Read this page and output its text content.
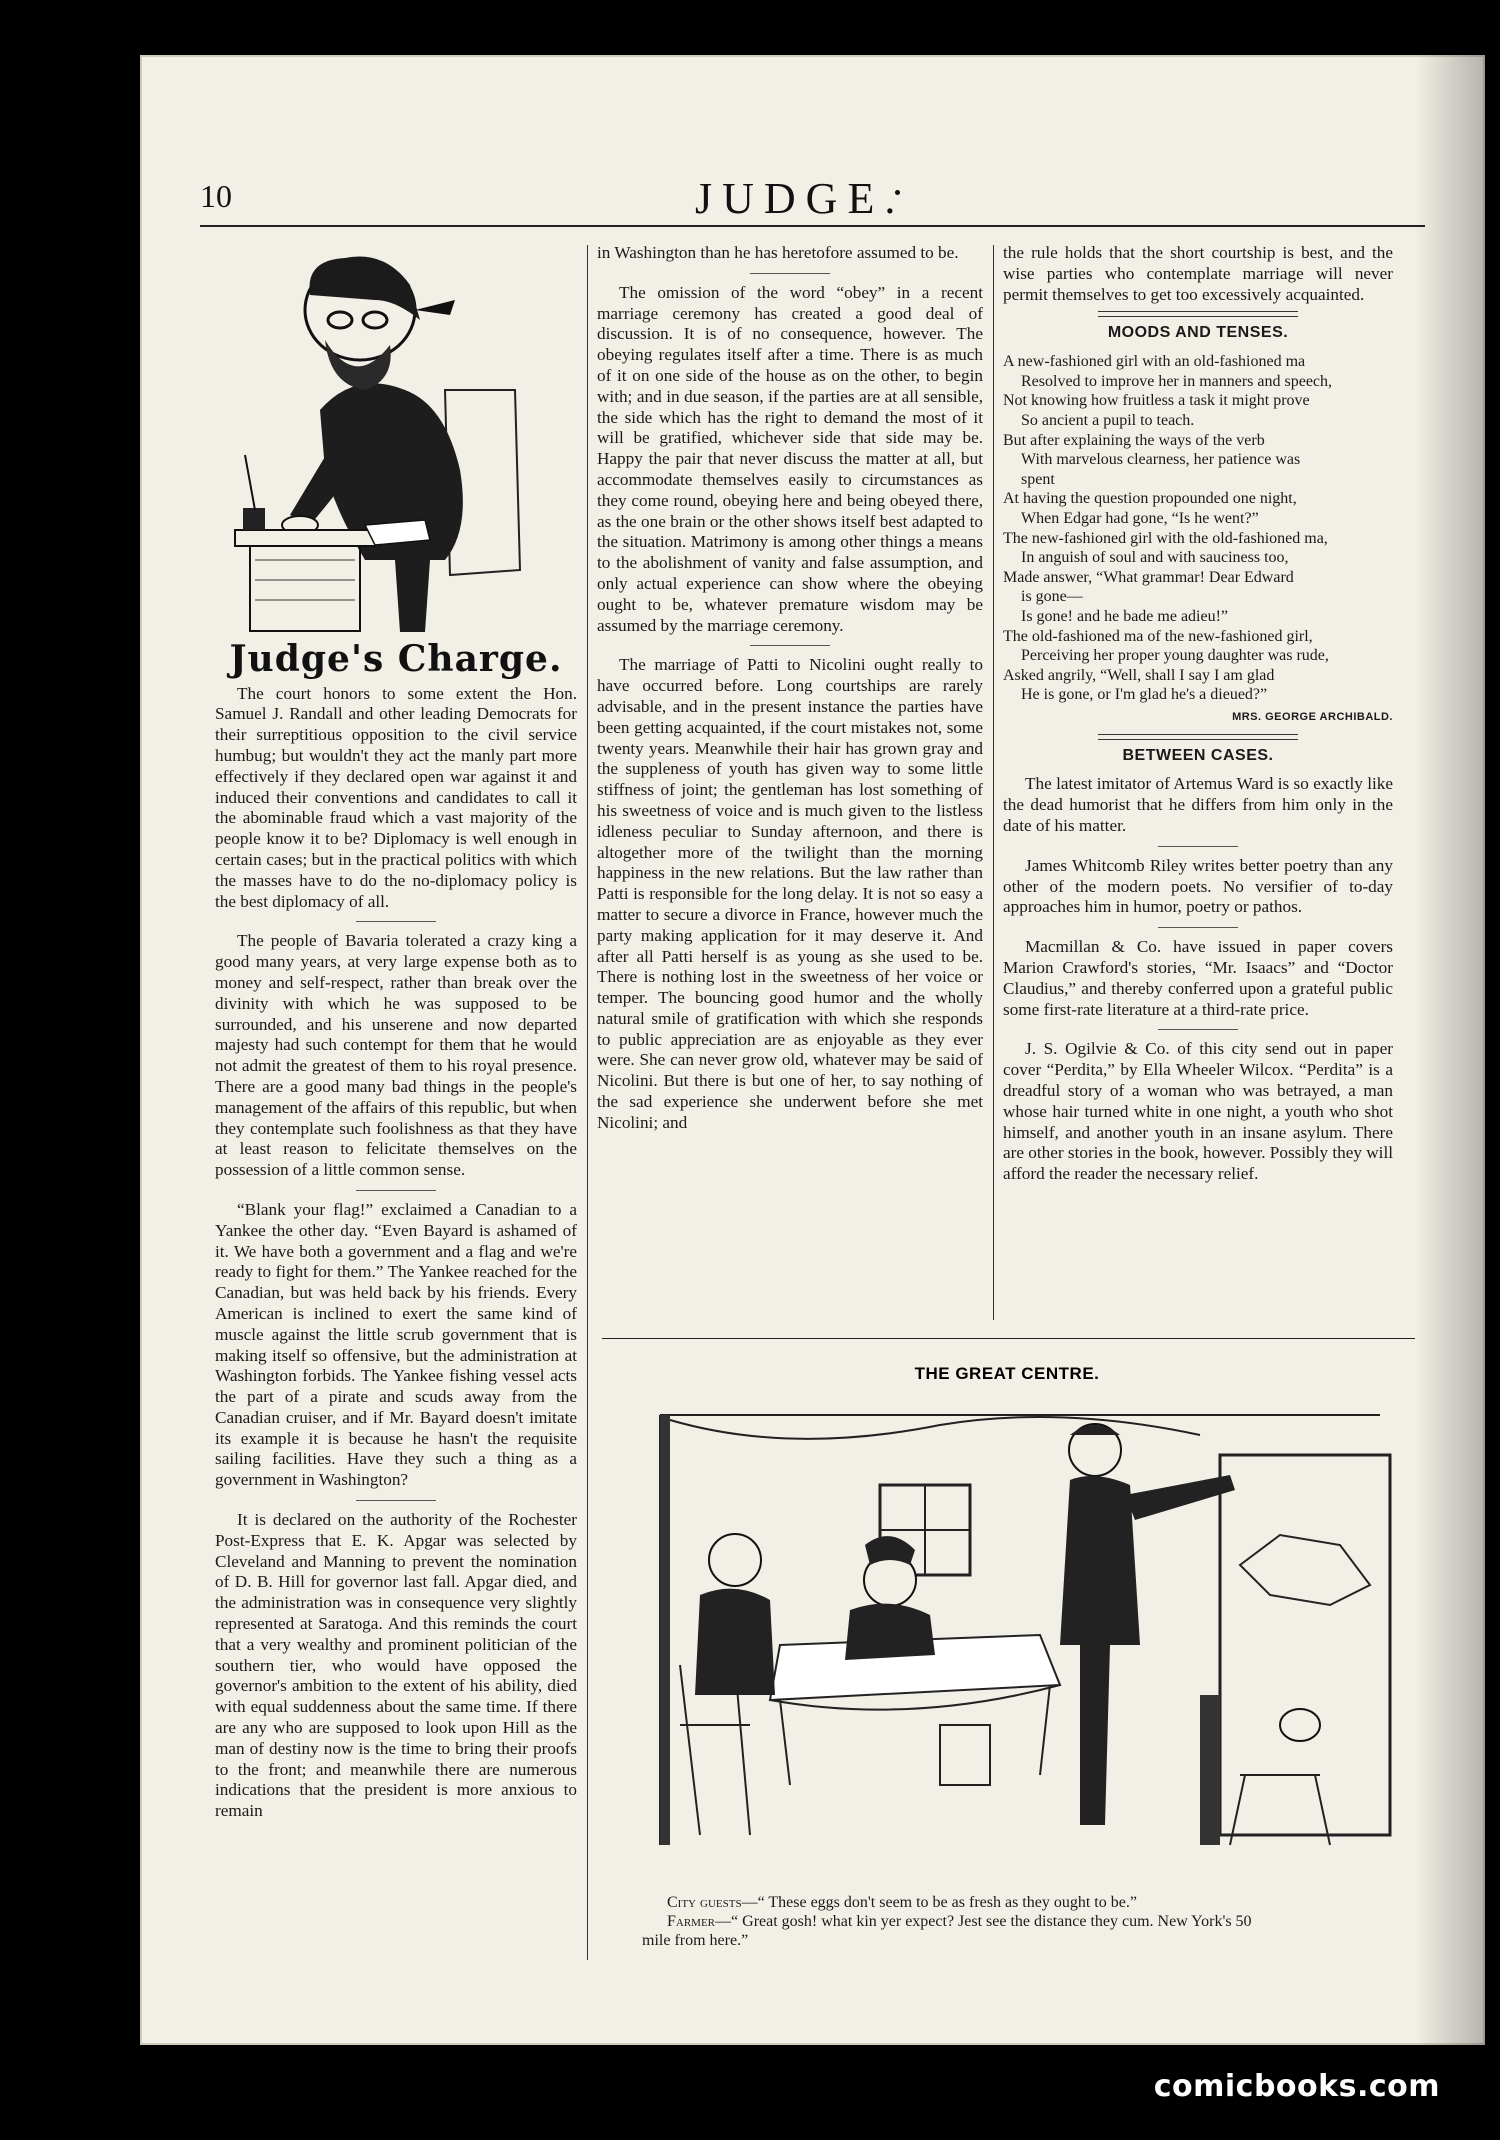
10	JUDGE.
Judge's Charge.

The court honors to some extent the Hon. Samuel J. Randall and other leading Democrats for their surreptitious opposition to the civil service humbug; but wouldn't they act the manly part more effectively if they declared open war against it and induced their conventions and candidates to call it the abominable fraud which a vast majority of the people know it to be? Diplomacy is well enough in certain cases; but in the practical politics with which the masses have to do the no-diplomacy policy is the best diplomacy of all.

The people of Bavaria tolerated a crazy king a good many years, at very large expense both as to money and self-respect, rather than break over the divinity with which he was supposed to be surrounded, and his unserene and now departed majesty had such contempt for them that he would not admit the greatest of them to his royal presence. There are a good many bad things in the people's management of the affairs of this republic, but when they contemplate such foolishness as that they have at least reason to felicitate themselves on the possession of a little common sense.

“Blank your flag!” exclaimed a Canadian to a Yankee the other day. “Even Bayard is ashamed of it. We have both a government and a flag and we're ready to fight for them.” The Yankee reached for the Canadian, but was held back by his friends. Every American is inclined to exert the same kind of muscle against the little scrub government that is making itself so offensive, but the administration at Washington forbids. The Yankee fishing vessel acts the part of a pirate and scuds away from the Canadian cruiser, and if Mr. Bayard doesn't imitate its example it is because he hasn't the requisite sailing facilities. Have they such a thing as a government in Washington?

It is declared on the authority of the Rochester Post-Express that E. K. Apgar was selected by Cleveland and Manning to prevent the nomination of D. B. Hill for governor last fall. Apgar died, and the administration was in consequence very slightly represented at Saratoga. And this reminds the court that a very wealthy and prominent politician of the southern tier, who would have opposed the governor's ambition to the extent of his ability, died with equal suddenness about the same time. If there are any who are supposed to look upon Hill as the man of destiny now is the time to bring their proofs to the front; and meanwhile there are numerous indications that the president is more anxious to remain

in Washington than he has heretofore assumed to be.

The omission of the word “obey” in a recent marriage ceremony has created a good deal of discussion. It is of no consequence, however. The obeying regulates itself after a time. There is as much of it on one side of the house as on the other, to begin with; and in due season, if the parties are at all sensible, the side which has the right to demand the most of it will be gratified, whichever side that side may be. Happy the pair that never discuss the matter at all, but accommodate themselves easily to circumstances as they come round, obeying here and being obeyed there, as the one brain or the other shows itself best adapted to the situation. Matrimony is among other things a means to the abolishment of vanity and false assumption, and only actual experience can show where the obeying ought to be, whatever premature wisdom may be assumed by the marriage ceremony.

The marriage of Patti to Nicolini ought really to have occurred before. Long courtships are rarely advisable, and in the present instance the parties have been getting acquainted, if the court mistakes not, some twenty years. Meanwhile their hair has grown gray and the suppleness of youth has given way to some little stiffness of joint; the gentleman has lost something of his sweetness of voice and is much given to the listless idleness peculiar to Sunday afternoon, and there is altogether more of the twilight than the morning happiness in the new relations. But the law rather than Patti is responsible for the long delay. It is not so easy a matter to secure a divorce in France, however much the party making application for it may deserve it. And after all Patti herself is as young as she used to be. There is nothing lost in the sweetness of her voice or temper. The bouncing good humor and the wholly natural smile of gratification with which she responds to public appreciation are as enjoyable as they ever were. She can never grow old, whatever may be said of Nicolini. But there is but one of her, to say nothing of the sad experience she underwent before she met Nicolini; and

the rule holds that the short courtship is best, and the wise parties who contemplate marriage will never permit themselves to get too excessively acquainted.

MOODS AND TENSES.
A new-fashioned girl with an old-fashioned ma
Resolved to improve her in manners and speech,
Not knowing how fruitless a task it might prove
So ancient a pupil to teach.
But after explaining the ways of the verb
With marvelous clearness, her patience was
spent
At having the question propounded one night,
When Edgar had gone, “Is he went?”
The new-fashioned girl with the old-fashioned ma,
In anguish of soul and with sauciness too,
Made answer, “What grammar! Dear Edward
is gone—
Is gone! and he bade me adieu!”
The old-fashioned ma of the new-fashioned girl,
Perceiving her proper young daughter was rude,
Asked angrily, “Well, shall I say I am glad
He is gone, or I'm glad he's a dieued?”
MRS. GEORGE ARCHIBALD.
BETWEEN CASES.

The latest imitator of Artemus Ward is so exactly like the dead humorist that he differs from him only in the date of his matter.

James Whitcomb Riley writes better poetry than any other of the modern poets. No versifier of to-day approaches him in humor, poetry or pathos.

Macmillan & Co. have issued in paper covers Marion Crawford's stories, “Mr. Isaacs” and “Doctor Claudius,” and thereby conferred upon a grateful public some first-rate literature at a third-rate price.

J. S. Ogilvie & Co. of this city send out in paper cover “Perdita,” by Ella Wheeler Wilcox. “Perdita” is a dreadful story of a woman who was betrayed, a man whose hair turned white in one night, a youth who shot himself, and another youth in an insane asylum. There are other stories in the book, however. Possibly they will afford the reader the necessary relief.

THE GREAT CENTRE.
City guests—“ These eggs don't seem to be as fresh as they ought to be.”
Farmer—“ Great gosh! what kin yer expect? Jest see the distance they cum. New York's 50
mile from here.”
comicbooks.com
